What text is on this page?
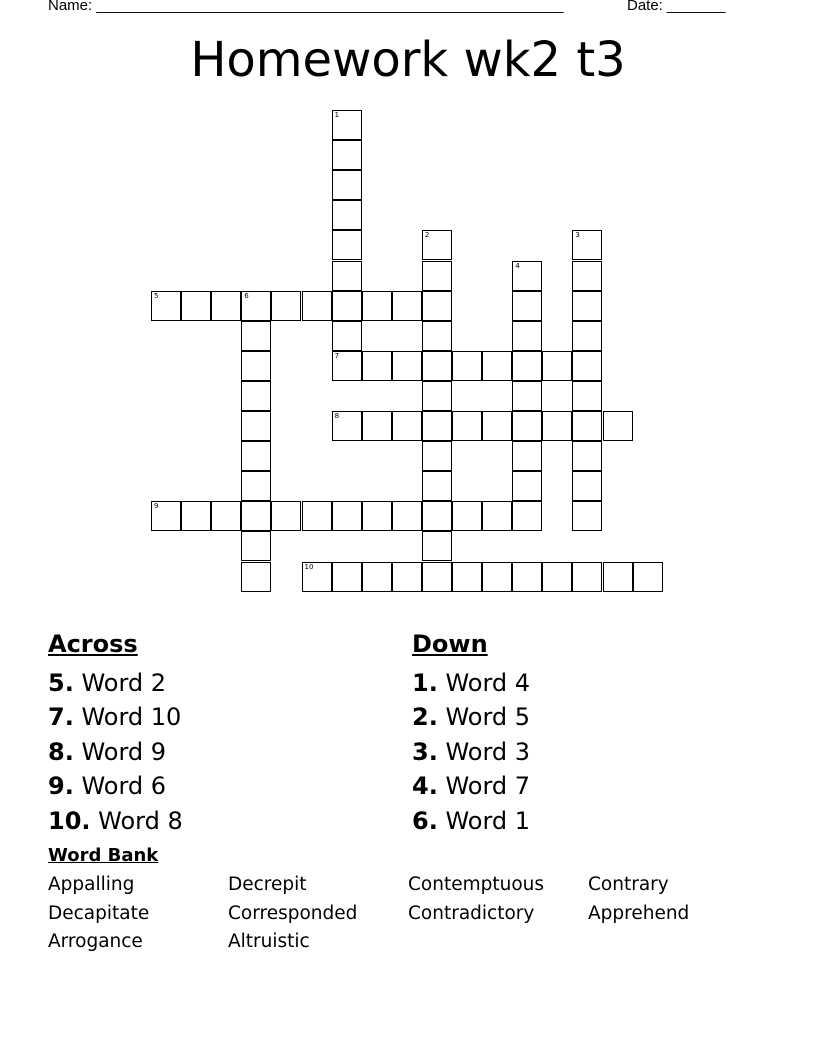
Name: ________________________________________________________	Date: _______
Homework wk2 t3
1
7
2	3
4
5	6
8
9
10
Across
5. Word 2
7. Word 10
8. Word 9
9. Word 6
10. Word 8
Down
1. Word 4
2. Word 5
3. Word 3
4. Word 7
6. Word 1
Word Bank
Appalling	Decrepit	Contemptuous	Contrary
Decapitate	Corresponded	Contradictory	Apprehend
Arrogance	Altruistic
